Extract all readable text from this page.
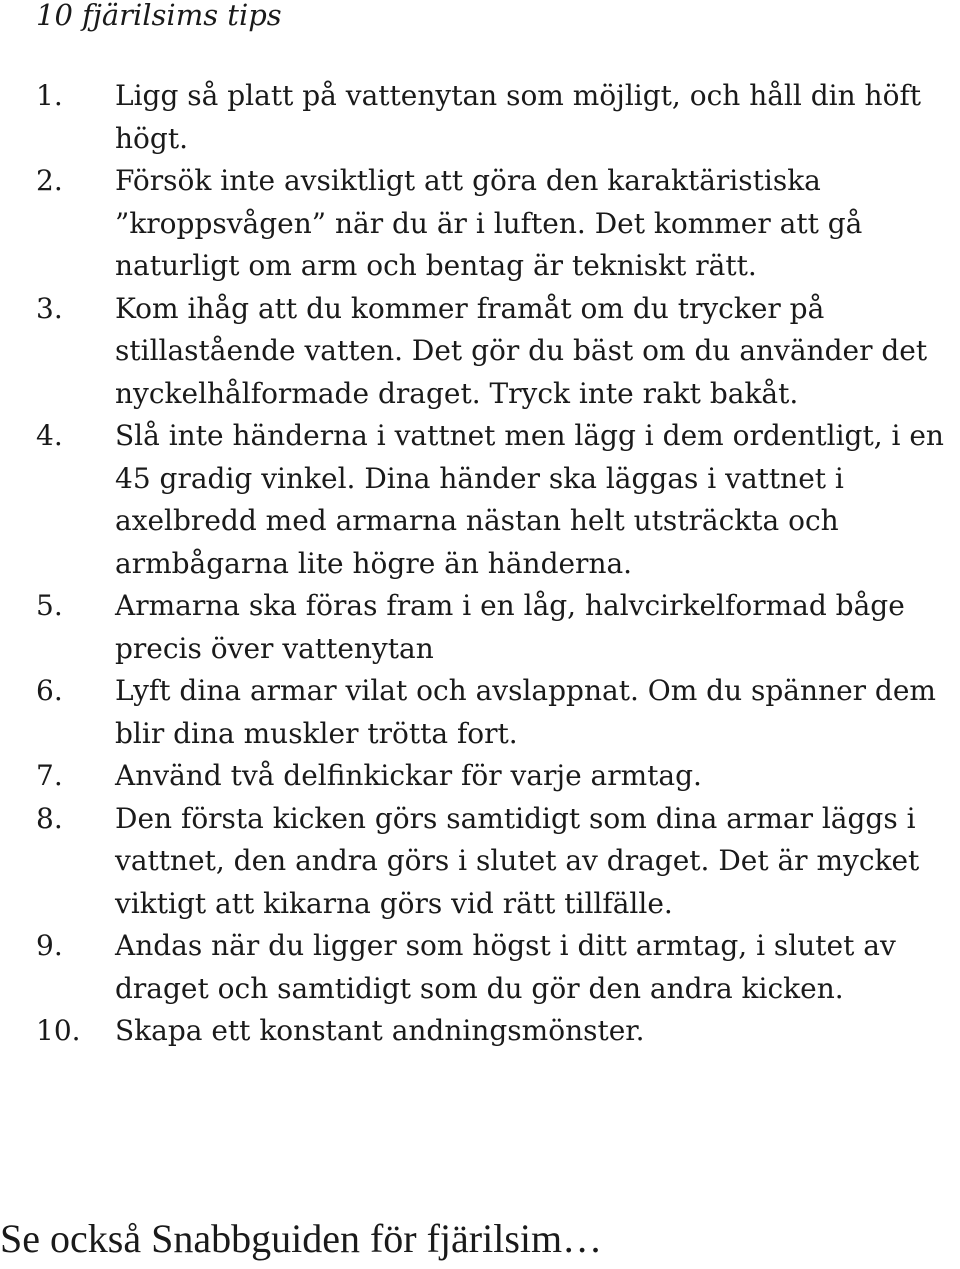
10 fjärilsims tips
1.	Ligg så platt på vattenytan som möjligt, och håll din höft högt.
2.	Försök inte avsiktligt att göra den karaktäristiska ”kroppsvågen” när du är i luften. Det kommer att gå naturligt om arm och bentag är tekniskt rätt.
3.	Kom ihåg att du kommer framåt om du trycker på stillastående vatten. Det gör du bäst om du använder det nyckelhålformade draget. Tryck inte rakt bakåt.
4.	Slå inte händerna i vattnet men lägg i dem ordentligt, i en 45 gradig vinkel. Dina händer ska läggas i vattnet i axelbredd med armarna nästan helt utsträckta och armbågarna lite högre än händerna.
5.	Armarna ska föras fram i en låg, halvcirkelformad båge precis över vattenytan
6.	Lyft dina armar vilat och avslappnat. Om du spänner dem blir dina muskler trötta fort.
7.	Använd två delfinkickar för varje armtag.
8.	Den första kicken görs samtidigt som dina armar läggs i vattnet, den andra görs i slutet av draget. Det är mycket viktigt att kikarna görs vid rätt tillfälle.
9.	Andas när du ligger som högst i ditt armtag, i slutet av draget och samtidigt som du gör den andra kicken.
10.	Skapa ett konstant andningsmönster.

Se också Snabbguiden för fjärilsim…
